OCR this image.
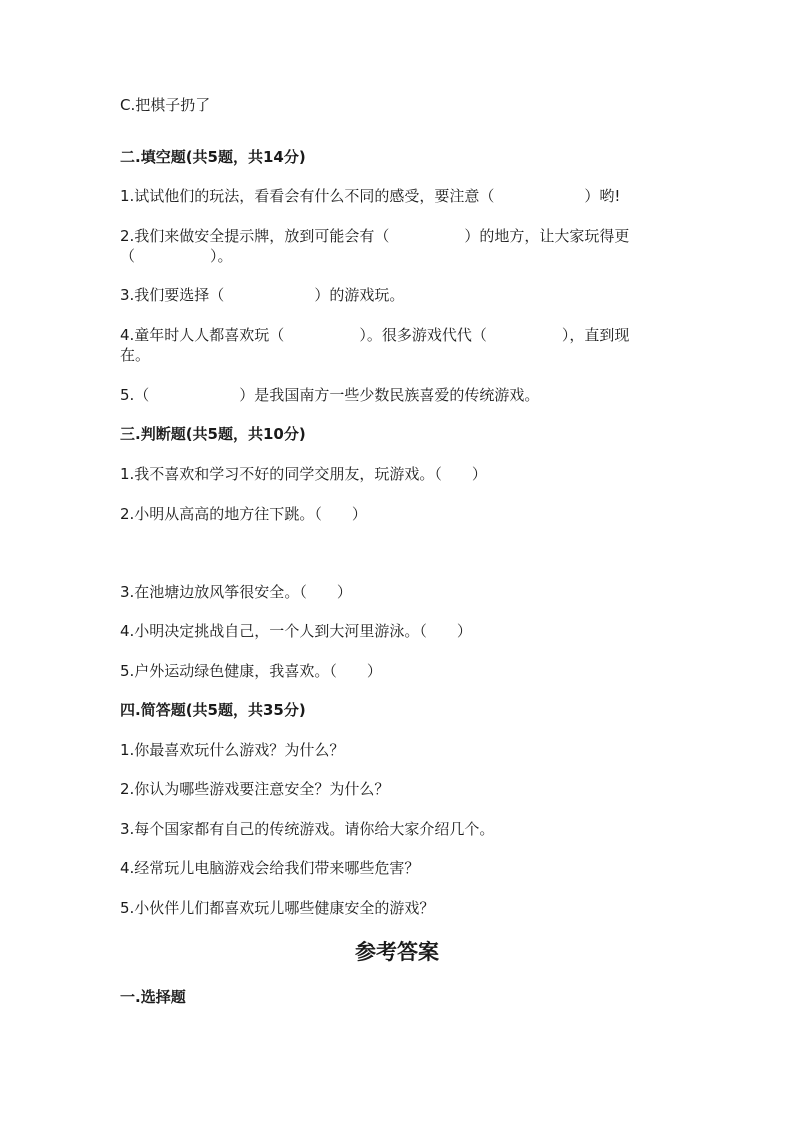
C.把棋子扔了
二.填空题(共5题，共14分)
1.试试他们的玩法，看看会有什么不同的感受，要注意（　　　　　　）哟!
2.我们来做安全提示牌，放到可能会有（　　　　　）的地方，让大家玩得更
（　　　　　）。
3.我们要选择（　　　　　　）的游戏玩。
4.童年时人人都喜欢玩（　　　　　）。很多游戏代代（　　　　　），直到现
在。
5.（　　　　　　）是我国南方一些少数民族喜爱的传统游戏。
三.判断题(共5题，共10分)
1.我不喜欢和学习不好的同学交朋友，玩游戏。（　　）
2.小明从高高的地方往下跳。（　　）
3.在池塘边放风筝很安全。（　　）
4.小明决定挑战自己，一个人到大河里游泳。（　　）
5.户外运动绿色健康，我喜欢。（　　）
四.简答题(共5题，共35分)
1.你最喜欢玩什么游戏？为什么？
2.你认为哪些游戏要注意安全？为什么？
3.每个国家都有自己的传统游戏。请你给大家介绍几个。
4.经常玩儿电脑游戏会给我们带来哪些危害？
5.小伙伴儿们都喜欢玩儿哪些健康安全的游戏？
参考答案
一.选择题
